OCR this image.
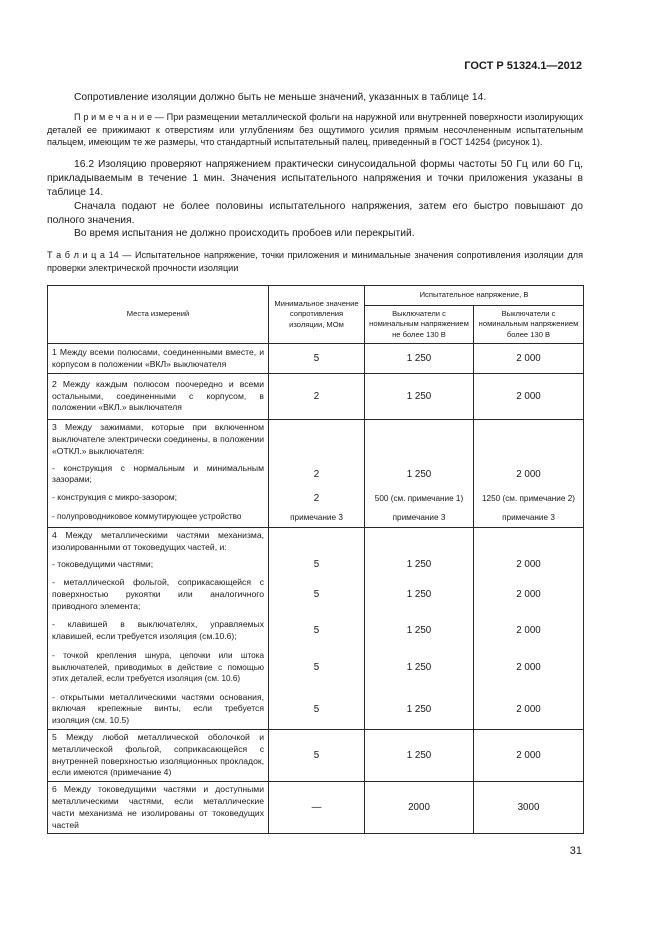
ГОСТ Р 51324.1—2012

Сопротивление изоляции должно быть не меньше значений, указанных в таблице 14.

П р и м е ч а н и е — При размещении металлической фольги на наружной или внутренней поверхности изолирующих деталей ее прижимают к отверстиям или углублениям без ощутимого усилия прямым несочлененным испытательным пальцем, имеющим те же размеры, что стандартный испытательный палец, приведенный в ГОСТ 14254 (рисунок 1).

16.2 Изоляцию проверяют напряжением практически синусоидальной формы частоты 50 Гц или 60 Гц, прикладываемым в течение 1 мин. Значения испытательного напряжения и точки приложения указаны в таблице 14.

Сначала подают не более половины испытательного напряжения, затем его быстро повышают до полного значения.

Во время испытания не должно происходить пробоев или перекрытий.

Т а б л и ц а 14 — Испытательное напряжение, точки приложения и минимальные значения сопротивления изоляции для проверки электрической прочности изоляции

Места измерений	Минимальное значение сопротивления изоляции, МОм	Испытательное напряжение, В	
		Выключатели с номинальным напряжением не более 130 В	Выключатели с номинальным напряжением более 130 В
1 Между всеми полюсами, соединенными вместе, и корпусом в положении «ВКЛ» выключателя	5	1 250	2 000
2 Между каждым полюсом поочередно и всеми остальными, соединенными с корпусом, в положении «ВКЛ.» выключателя	2	1 250	2 000
3 Между зажимами, которые при включенном выключателе электрически соединены, в положении «ОТКЛ.» выключателя:			
- конструкция с нормальным и минимальным зазорами;	2	1 250	2 000
- конструкция с микро-зазором;	2	500 (см. примечание 1)	1250 (см. примечание 2)
- полупроводниковое коммутирующее устройство	примечание 3	примечание 3	примечание 3
4 Между металлическими частями механизма, изолированными от токоведущих частей, и:			
- токоведущими частями;	5	1 250	2 000
- металлической фольгой, соприкасающейся с поверхностью рукоятки или аналогичного приводного элемента;	5	1 250	2 000
- клавишей в выключателях, управляемых клавишей, если требуется изоляция (см.10.6);	5	1 250	2 000
- точкой крепления шнура, цепочки или штока выключателей, приводимых в действие с помощью этих деталей, если требуется изоляция (см. 10.6)	5	1 250	2 000
- открытыми металлическими частями основания, включая крепежные винты, если требуется изоляция (см. 10.5)	5	1 250	2 000
5 Между любой металлической оболочкой и металлической фольгой, соприкасающейся с внутренней поверхностью изоляционных прокладок, если имеются (примечание 4)	5	1 250	2 000
6 Между токоведущими частями и доступными металлическими частями, если металлические части механизма не изолированы от токоведущих частей	—	2000	3000
31
